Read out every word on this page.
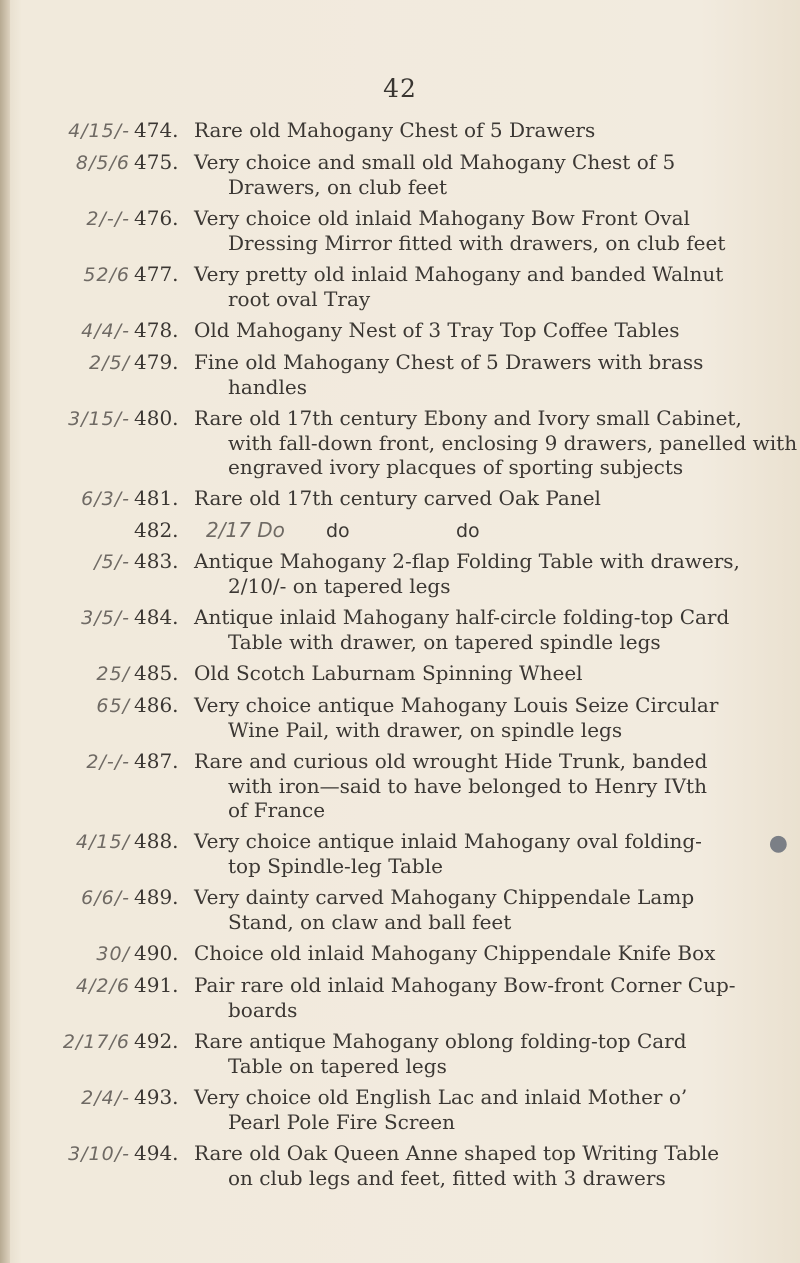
42
4/15/- 474. Rare old Mahogany Chest of 5 Drawers
8/5/6 475. Very choice and small old Mahogany Chest of 5
Drawers, on club feet
2/-/- 476. Very choice old inlaid Mahogany Bow Front Oval
Dressing Mirror fitted with drawers, on club feet
52/6 477. Very pretty old inlaid Mahogany and banded Walnut
root oval Tray
4/4/- 478. Old Mahogany Nest of 3 Tray Top Coffee Tables
2/5/ 479. Fine old Mahogany Chest of 5 Drawers with brass
handles
3/15/- 480. Rare old 17th century Ebony and Ivory small Cabinet,
with fall-down front, enclosing 9 drawers, panelled with
engraved ivory placques of sporting subjects
6/3/- 481. Rare old 17th century carved Oak Panel
482.	2/17 Do	do	do
/5/- 483. Antique Mahogany 2-flap Folding Table with drawers,
2/10/- on tapered legs
3/5/- 484. Antique inlaid Mahogany half-circle folding-top Card
Table with drawer, on tapered spindle legs
25/ 485. Old Scotch Laburnam Spinning Wheel
65/ 486. Very choice antique Mahogany Louis Seize Circular
Wine Pail, with drawer, on spindle legs
2/-/- 487. Rare and curious old wrought Hide Trunk, banded
with iron—said to have belonged to Henry IVth
of France
4/15/ 488. Very choice antique inlaid Mahogany oval folding-
top Spindle-leg Table
●
6/6/- 489. Very dainty carved Mahogany Chippendale Lamp
Stand, on claw and ball feet
30/ 490. Choice old inlaid Mahogany Chippendale Knife Box
4/2/6 491. Pair rare old inlaid Mahogany Bow-front Corner Cup-
boards
2/17/6 492. Rare antique Mahogany oblong folding-top Card
Table on tapered legs
2/4/- 493. Very choice old English Lac and inlaid Mother o’
Pearl Pole Fire Screen
3/10/- 494. Rare old Oak Queen Anne shaped top Writing Table
on club legs and feet, fitted with 3 drawers
